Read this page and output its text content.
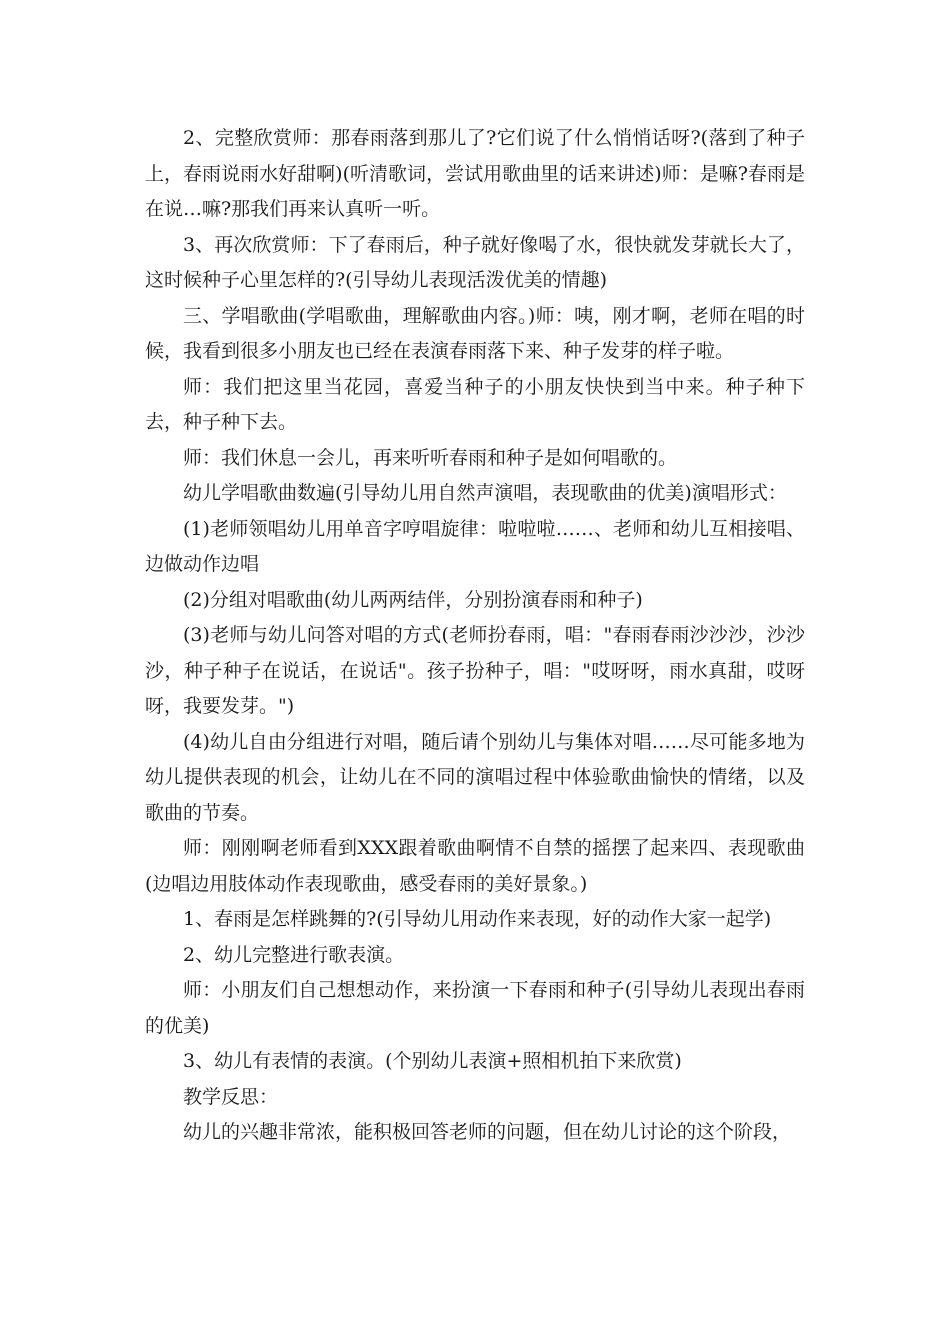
2、完整欣赏师：那春雨落到那儿了?它们说了什么悄悄话呀?(落到了种子上，春雨说雨水好甜啊)(听清歌词，尝试用歌曲里的话来讲述)师：是嘛?春雨是在说…嘛?那我们再来认真听一听。

3、再次欣赏师：下了春雨后，种子就好像喝了水，很快就发芽就长大了，这时候种子心里怎样的?(引导幼儿表现活泼优美的情趣)

三、学唱歌曲(学唱歌曲，理解歌曲内容。)师：咦，刚才啊，老师在唱的时候，我看到很多小朋友也已经在表演春雨落下来、种子发芽的样子啦。

师：我们把这里当花园，喜爱当种子的小朋友快快到当中来。种子种下去，种子种下去。

师：我们休息一会儿，再来听听春雨和种子是如何唱歌的。

幼儿学唱歌曲数遍(引导幼儿用自然声演唱，表现歌曲的优美)演唱形式：

(1)老师领唱幼儿用单音字哼唱旋律：啦啦啦……、老师和幼儿互相接唱、边做动作边唱

(2)分组对唱歌曲(幼儿两两结伴，分别扮演春雨和种子)

(3)老师与幼儿问答对唱的方式(老师扮春雨，唱："春雨春雨沙沙沙，沙沙沙，种子种子在说话，在说话"。孩子扮种子，唱："哎呀呀，雨水真甜，哎呀呀，我要发芽。")

(4)幼儿自由分组进行对唱，随后请个别幼儿与集体对唱……尽可能多地为幼儿提供表现的机会，让幼儿在不同的演唱过程中体验歌曲愉快的情绪，以及歌曲的节奏。

师：刚刚啊老师看到XXX跟着歌曲啊情不自禁的摇摆了起来四、表现歌曲(边唱边用肢体动作表现歌曲，感受春雨的美好景象。)

1、春雨是怎样跳舞的?(引导幼儿用动作来表现，好的动作大家一起学)

2、幼儿完整进行歌表演。

师：小朋友们自己想想动作，来扮演一下春雨和种子(引导幼儿表现出春雨的优美)

3、幼儿有表情的表演。(个别幼儿表演+照相机拍下来欣赏)

教学反思：

幼儿的兴趣非常浓，能积极回答老师的问题，但在幼儿讨论的这个阶段，
